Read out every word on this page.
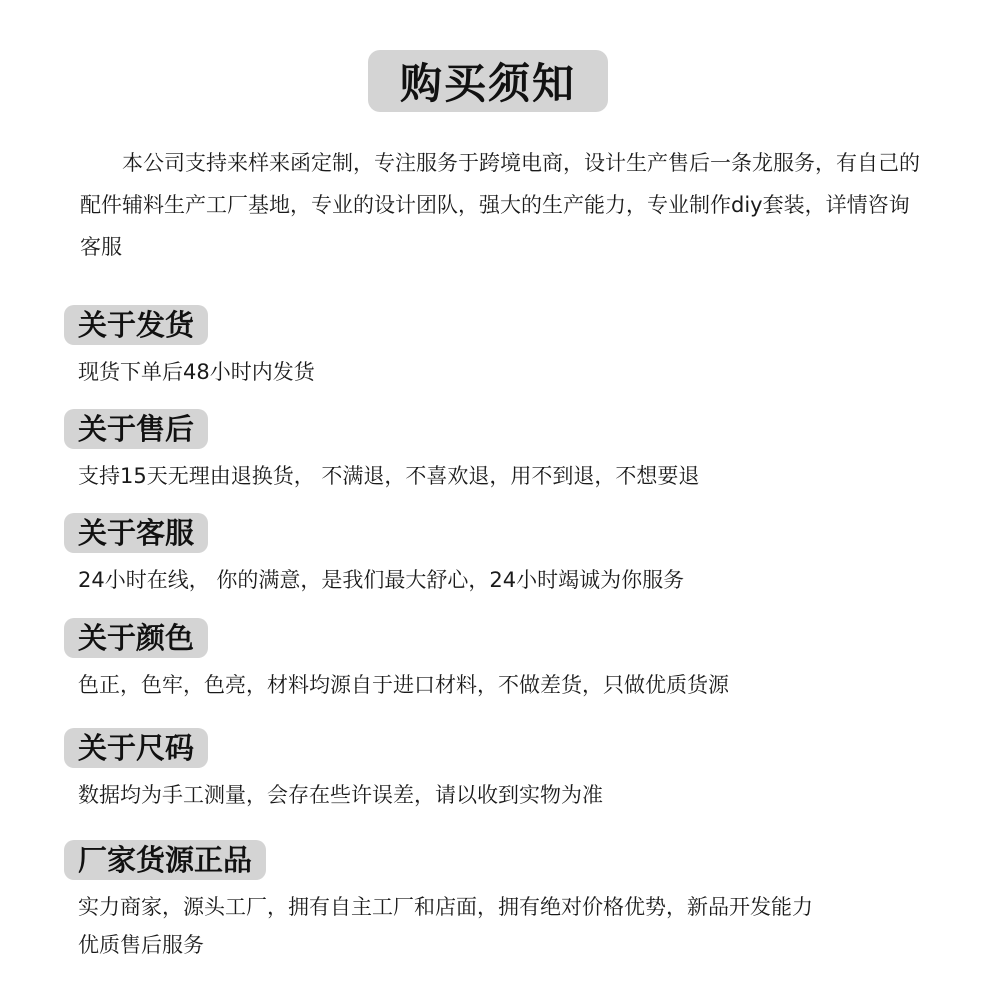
购买须知
本公司支持来样来函定制，专注服务于跨境电商，设计生产售后一条龙服务，有自己的配件辅料生产工厂基地，专业的设计团队，强大的生产能力，专业制作diy套装，详情咨询客服
关于发货

现货下单后48小时内发货

关于售后

支持15天无理由退换货， 不满退，不喜欢退，用不到退，不想要退

关于客服

24小时在线， 你的满意，是我们最大舒心，24小时竭诚为你服务

关于颜色

色正，色牢，色亮，材料均源自于进口材料，不做差货，只做优质货源

关于尺码

数据均为手工测量，会存在些许误差，请以收到实物为准

厂家货源正品

实力商家，源头工厂，拥有自主工厂和店面，拥有绝对价格优势，新品开发能力

优质售后服务
